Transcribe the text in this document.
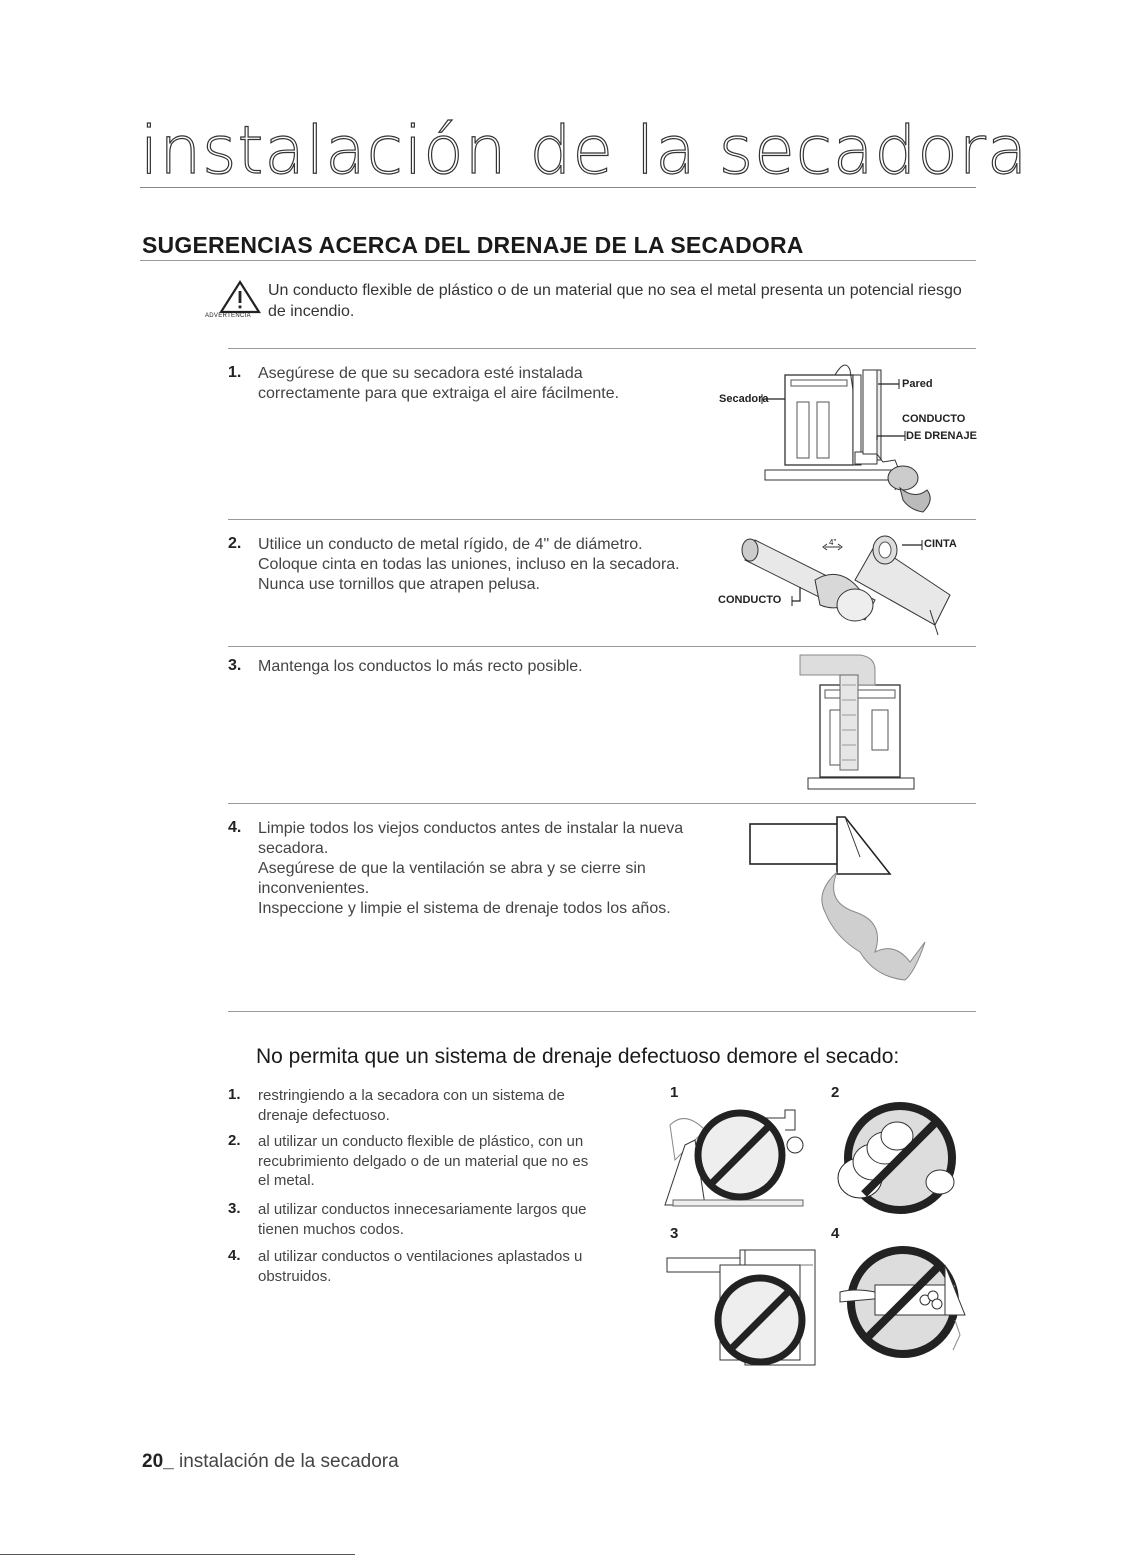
instalación de la secadora
SUGERENCIAS ACERCA DEL DRENAJE DE LA SECADORA
ADVERTENCIA
Un conducto flexible de plástico o de un material que no sea el metal presenta un potencial riesgo de incendio.
1. Asegúrese de que su secadora esté instalada
correctamente para que extraiga el aire fácilmente.	Secadora
Pared
CONDUCTO
DE DRENAJE
2. Utilice un conducto de metal rígido, de 4" de diámetro.
Coloque cinta en todas las uniones, incluso en la secadora.
Nunca use tornillos que atrapen pelusa.
4"	CINTA
CONDUCTO
3. Mantenga los conductos lo más recto posible.
4. Limpie todos los viejos conductos antes de instalar la nueva
secadora.
Asegúrese de que la ventilación se abra y se cierre sin
inconvenientes.
Inspeccione y limpie el sistema de drenaje todos los años.
No permita que un sistema de drenaje defectuoso demore el secado:
1. restringiendo a la secadora con un sistema de
drenaje defectuoso.
2. al utilizar un conducto flexible de plástico, con un
recubrimiento delgado o de un material que no es
el metal.
3. al utilizar conductos innecesariamente largos que
tienen muchos codos.
4. al utilizar conductos o ventilaciones aplastados u
obstruidos.
1	2
3	4
20_ instalación de la secadora
